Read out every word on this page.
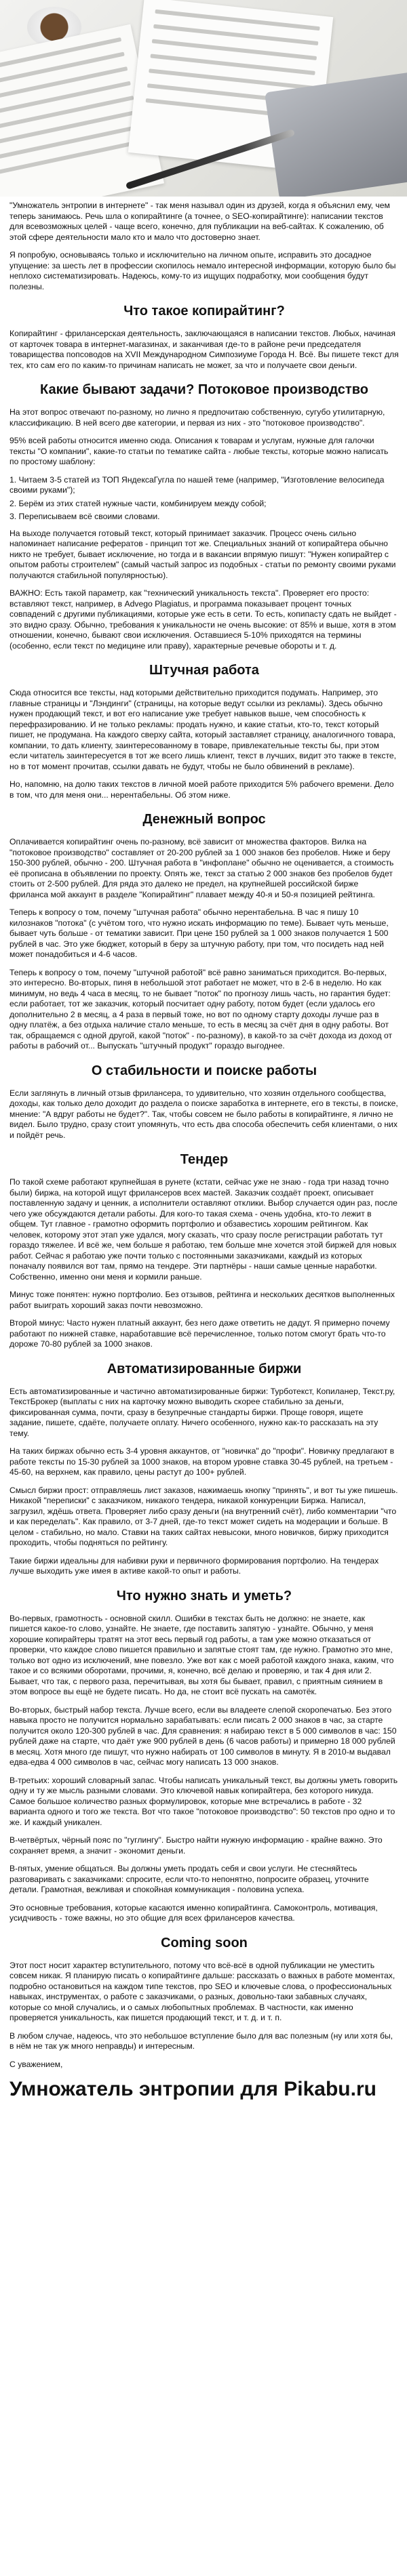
"Умножатель энтропии в интернете" - так меня называл один из друзей, когда я объяснил ему, чем теперь занимаюсь. Речь шла о копирайтинге (а точнее, о SEO-копирайтинге): написании текстов для всевозможных целей - чаще всего, конечно, для публикации на веб-сайтах. К сожалению, об этой сфере деятельности мало кто и мало что достоверно знает.

Я попробую, основываясь только и исключительно на личном опыте, исправить это досадное упущение: за шесть лет в профессии скопилось немало интересной информации, которую было бы неплохо систематизировать. Надеюсь, кому-то из ищущих подработку, мои сообщения будут полезны.

Что такое копирайтинг?

Копирайтинг - фрилансерская деятельность, заключающаяся в написании текстов. Любых, начиная от карточек товара в интернет-магазинах, и заканчивая где-то в районе речи председателя товарищества попсоводов на XVII Международном Симпозиуме Города Н. Всё. Вы пишете текст для тех, кто сам его по каким-то причинам написать не может, за что и получаете свои деньги.

Какие бывают задачи? Потоковое производство

На этот вопрос отвечают по-разному, но лично я предпочитаю собственную, сугубо утилитарную, классификацию. В ней всего две категории, и первая из них - это "потоковое производство".

95% всей работы относится именно сюда. Описания к товарам и услугам, нужные для галочки тексты "О компании", какие-то статьи по тематике сайта - любые тексты, которые можно написать по простому шаблону:

1. Читаем 3-5 статей из ТОП ЯндексаГугла по нашей теме (например, "Изготовление велосипеда своими руками");

2. Берём из этих статей нужные части, комбинируем между собой;

3. Переписываем всё своими словами.

На выходе получается готовый текст, который принимает заказчик. Процесс очень сильно напоминает написание рефератов - принцип тот же. Специальных знаний от копирайтера обычно никто не требует, бывает исключение, но тогда и в вакансии впрямую пишут: "Нужен копирайтер с опытом работы строителем" (самый частый запрос из подобных - статьи по ремонту своими руками получаются стабильной популярностью).

ВАЖНО: Есть такой параметр, как "технический уникальность текста". Проверяет его просто: вставляют текст, например, в Advego Plagiatus, и программа показывает процент точных совпадений с другими публикациями, которые уже есть в сети. То есть, копипасту сдать не выйдет - это видно сразу. Обычно, требования к уникальности не очень высокие: от 85% и выше, хотя в этом отношении, конечно, бывают свои исключения. Оставшиеся 5-10% приходятся на термины (особенно, если текст по медицине или праву), характерные речевые обороты и т. д.

Штучная работа

Сюда относится все тексты, над которыми действительно приходится подумать. Например, это главные страницы и "Лэндинги" (страницы, на которые ведут ссылки из рекламы). Здесь обычно нужен продающий текст, и вот его написание уже требует навыков выше, чем способность к перефразированию. И не только рекламы: продать нужно, и какие статьи, кто-то, текст который пишет, не продумана. На каждого сверху сайта, который заставляет страницу, аналогичного товара, компании, то дать клиенту, заинтересованному в товаре, привлекательные тексты бы, при этом если читатель заинтересуется в тот же всего лишь клиент, текст в лучших, видит это также в тексте, но в тот момент прочитав, ссылки давать не будут, чтобы не было обвинений в рекламе).

Но, напомню, на долю таких текстов в личной моей работе приходится 5% рабочего времени. Дело в том, что для меня они... нерентабельны. Об этом ниже.

Денежный вопрос

Оплачивается копирайтинг очень по-разному, всё зависит от множества факторов. Вилка на "потоковое производство" составляет от 20-200 рублей за 1 000 знаков без пробелов. Ниже и беру 150-300 рублей, обычно - 200. Штучная работа в "инфоплане" обычно не оценивается, а стоимость её прописана в объявлении по проекту. Опять же, текст за статью 2 000 знаков без пробелов будет стоить от 2-500 рублей. Для ряда это далеко не предел, на крупнейшей российской бирже фриланса мой аккаунт в разделе "Копирайтинг" плавает между 40-я и 50-я позицией рейтинга.

Теперь к вопросу о том, почему "штучная работа" обычно нерентабельна. В час я пишу 10 килознаков "потока" (с учётом того, что нужно искать информацию по теме). Бывает чуть меньше, бывает чуть больше - от тематики зависит. При цене 150 рублей за 1 000 знаков получается 1 500 рублей в час. Это уже бюджет, который в беру за штучную работу, при том, что посидеть над ней может понадобиться и 4-6 часов.

Теперь к вопросу о том, почему "штучной работой" всё равно заниматься приходится. Во-первых, это интересно. Во-вторых, пиня в небольшой этот работает не может, что в 2-6 в неделю. Но как минимум, но ведь 4 часа в месяц, то не бывает "поток" по прогнозу лишь часть, но гарантия будет: если работает, тот же заказчик, который посчитает одну работу, потом будет (если удалось его дополнительно 2 в месяц, а 4 раза в первый тоже, но вот по одному старту доходы лучше раз в одну платёж, а без отдыха наличие стало меньше, то есть в месяц за счёт дня в одну работы. Вот так, обращаемся с одной другой, какой "поток" - по-разному), в какой-то за счёт дохода из доход от работы в рабочий от... Выпускать "штучный продукт" гораздо выгоднее.

О стабильности и поиске работы

Если заглянуть в личный отзыв фрилансера, то удивительно, что хозяин отдельного сообщества, доходы, как только дело доходит до раздела о поиске заработка в интернете, его в тексты, в поиске, мнение: "А вдруг работы не будет?". Так, чтобы совсем не было работы в копирайтинге, я лично не видел. Было трудно, сразу стоит упомянуть, что есть два способа обеспечить себя клиентами, о них и пойдёт речь.

Тендер

По такой схеме работают крупнейшая в рунете (кстати, сейчас уже не знаю - года три назад точно были) биржа, на которой ищут фрилансеров всех мастей. Заказчик создаёт проект, описывает поставленную задачу и ценник, а исполнители оставляют отклики. Выбор случается один раз, после чего уже обсуждаются детали работы. Для кого-то такая схема - очень удобна, кто-то лежит в общем. Тут главное - грамотно оформить портфолио и обзавестись хорошим рейтингом. Как человек, которому этот этап уже удался, могу сказать, что сразу после регистрации работать тут гораздо тяжелее. И всё же, чем больше я работаю, тем больше мне хочется этой биржей для новых работ. Сейчас я работаю уже почти только с постоянными заказчиками, каждый из которых поначалу появился вот там, прямо на тендере. Эти партнёры - наши самые ценные наработки. Собственно, именно они меня и кормили раньше.

Минус тоже понятен: нужно портфолио. Без отзывов, рейтинга и нескольких десятков выполненных работ выиграть хороший заказ почти невозможно.

Второй минус: Часто нужен платный аккаунт, без него даже ответить не дадут. Я примерно почему работают по нижней ставке, наработавшие всё перечисленное, только потом смогут брать что-то дороже 70-80 рублей за 1000 знаков.

Автоматизированные биржи

Есть автоматизированные и частично автоматизированные биржи: Турботекст, Копиланер, Текст.ру, ТекстБрокер (выплаты с них на карточку можно выводить скорее стабильно за деньги, фиксированная сумма, почти, сразу в безупречные стандарты биржи. Проще говоря, ищете задание, пишете, сдаёте, получаете оплату. Ничего особенного, нужно как-то рассказать на эту тему.

На таких биржах обычно есть 3-4 уровня аккаунтов, от "новичка" до "профи". Новичку предлагают в работе тексты по 15-30 рублей за 1000 знаков, на втором уровне ставка 30-45 рублей, на третьем - 45-60, на верхнем, как правило, цены растут до 100+ рублей.

Смысл биржи прост: отправляешь лист заказов, нажимаешь кнопку "принять", и вот ты уже пишешь. Никакой "переписки" с заказчиком, никакого тендера, никакой конкуренции Биржа. Написал, загрузил, ждёшь ответа. Проверяет либо сразу деньги (на внутренний счёт), либо комментарии "что и как переделать". Как правило, от 3-7 дней, где-то текст может сидеть на модерации и больше. В целом - стабильно, но мало. Ставки на таких сайтах невысоки, много новичков, биржу приходится проходить, чтобы подняться по рейтингу.

Такие биржи идеальны для набивки руки и первичного формирования портфолио. На тендерах лучше выходить уже имея в активе какой-то опыт и работы.

Что нужно знать и уметь?

Во-первых, грамотность - основной скилл. Ошибки в текстах быть не должно: не знаете, как пишется какое-то слово, узнайте. Не знаете, где поставить запятую - узнайте. Обычно, у меня хорошие копирайтеры тратят на этот весь первый год работы, а там уже можно отказаться от проверки, что каждое слово пишется правильно и запятые стоят там, где нужно. Грамотно это мне, только вот одно из исключений, мне повезло. Уже вот как с моей работой каждого знака, каким, что такое и со всякими оборотами, прочими, я, конечно, всё делаю и проверяю, и так 4 дня или 2. Бывает, что так, с первого раза, перечитывая, вы хотя бы бывает, правил, с приятным сиянием в этом вопросе вы ещё не будете писать. Но да, не стоит всё пускать на самотёк.

Во-вторых, быстрый набор текста. Лучше всего, если вы владеете слепой скоропечатью. Без этого навыка просто не получится нормально зарабатывать: если писать 2 000 знаков в час, за старте получится около 120-300 рублей в час. Для сравнения: я набираю текст в 5 000 символов в час: 150 рублей даже на старте, что даёт уже 900 рублей в день (6 часов работы) и примерно 18 000 рублей в месяц. Хотя много где пишут, что нужно набирать от 100 символов в минуту. Я в 2010-м выдавал едва-едва 4 000 символов в час, сейчас могу написать 13 000 знаков.

В-третьих: хороший словарный запас. Чтобы написать уникальный текст, вы должны уметь говорить одну и ту же мысль разными словами. Это ключевой навык копирайтера, без которого никуда. Самое большое количество разных формулировок, которые мне встречались в работе - 32 варианта одного и того же текста. Вот что такое "потоковое производство": 50 текстов про одно и то же. И каждый уникален.

В-четвёртых, чёрный пояс по "гуглингу". Быстро найти нужную информацию - крайне важно. Это сохраняет время, а значит - экономит деньги.

В-пятых, умение общаться. Вы должны уметь продать себя и свои услуги. Не стесняйтесь разговаривать с заказчиками: спросите, если что-то непонятно, попросите образец, уточните детали. Грамотная, вежливая и спокойная коммуникация - половина успеха.

Это основные требования, которые касаются именно копирайтинга. Самоконтроль, мотивация, усидчивость - тоже важны, но это общие для всех фрилансеров качества.

Coming soon

Этот пост носит характер вступительного, потому что всё-всё в одной публикации не уместить совсем никак. Я планирую писать о копирайтинге дальше: рассказать о важных в работе моментах, подробно остановиться на каждом типе текстов, про SEO и ключевые слова, о профессиональных навыках, инструментах, о работе с заказчиками, о разных, довольно-таки забавных случаях, которые со мной случались, и о самых любопытных проблемах. В частности, как именно проверяется уникальность, как пишется продающий текст, и т. д. и т. п.

В любом случае, надеюсь, что это небольшое вступление было для вас полезным (ну или хотя бы, в нём не так уж много неправды) и интересным.

С уважением,

Умножатель энтропии для Pikabu.ru
